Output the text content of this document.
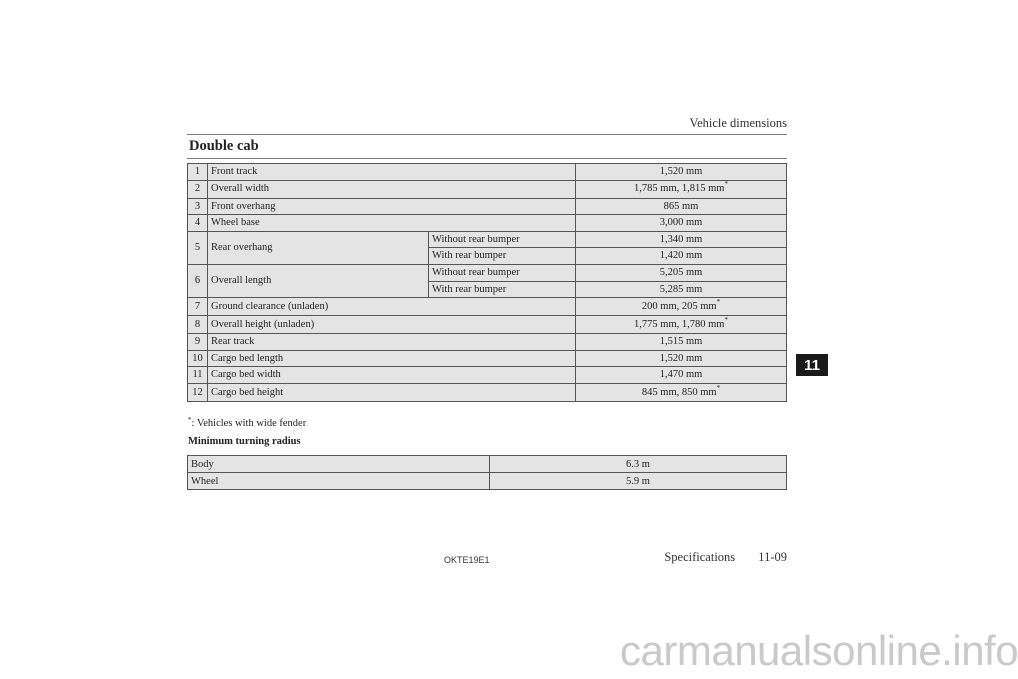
Vehicle dimensions
Double cab
1	Front track		1,520 mm
2	Overall width		1,785 mm, 1,815 mm*
3	Front overhang		865 mm
4	Wheel base		3,000 mm
5	Rear overhang	Without rear bumper	1,340 mm
		With rear bumper	1,420 mm
6	Overall length	Without rear bumper	5,205 mm
		With rear bumper	5,285 mm
7	Ground clearance (unladen)		200 mm, 205 mm*
8	Overall height (unladen)		1,775 mm, 1,780 mm*
9	Rear track		1,515 mm
10	Cargo bed length		1,520 mm
11	Cargo bed width		1,470 mm
12	Cargo bed height		845 mm, 850 mm*
*: Vehicles with wide fender
Minimum turning radius
Body	6.3 m
Wheel	5.9 m
OKTE19E1	Specifications 11-09
11
carmanualsonline.info
